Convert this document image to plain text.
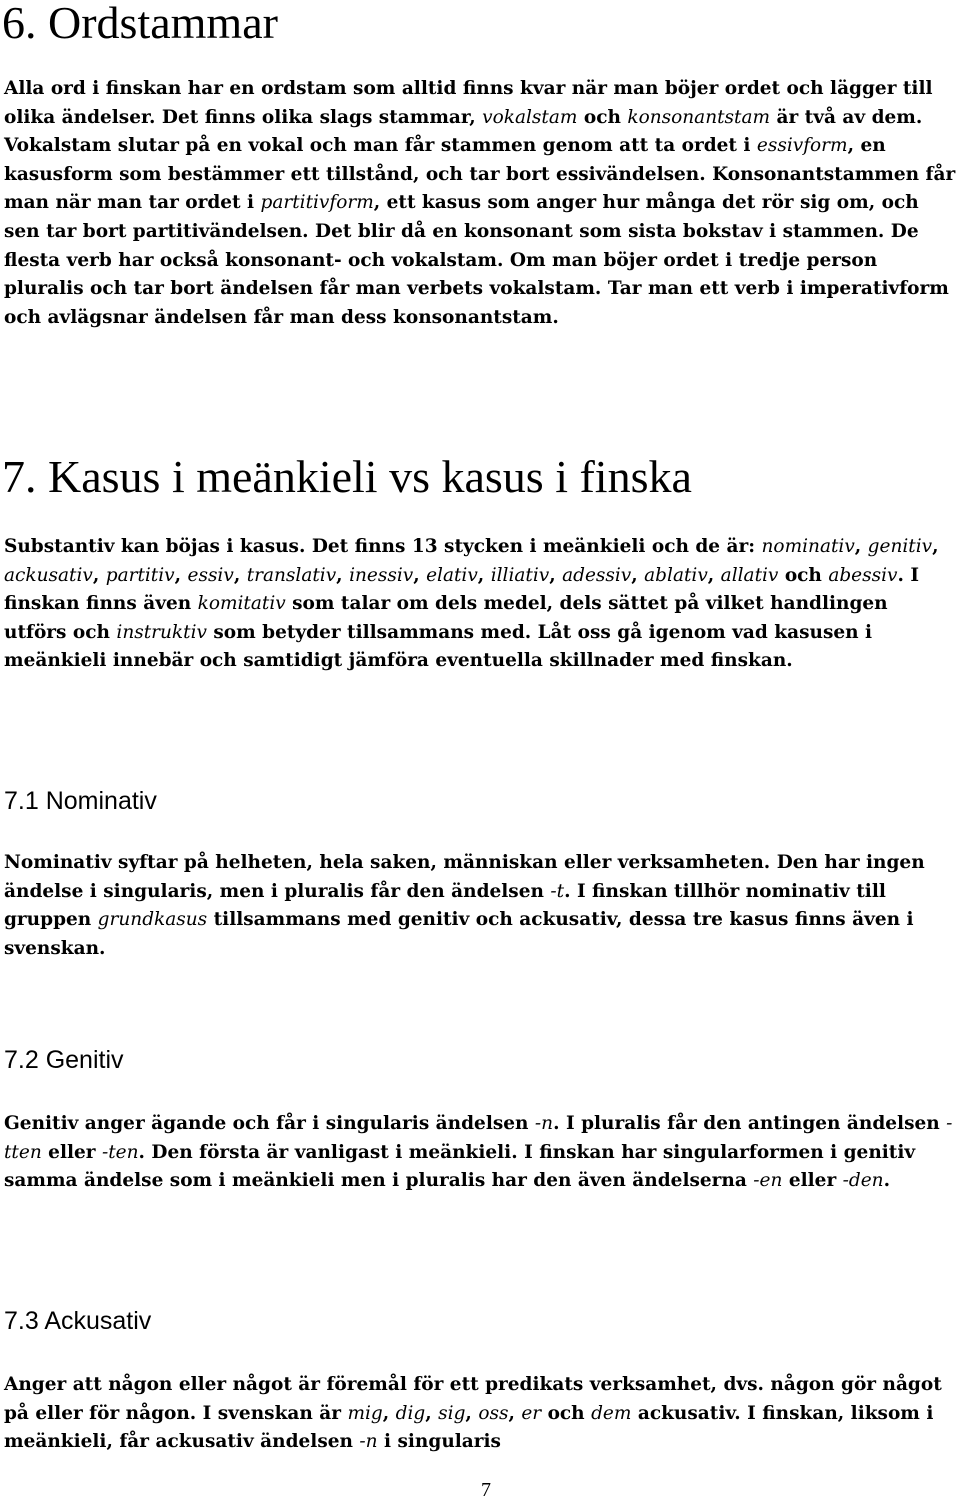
6. Ordstammar

Alla ord i finskan har en ordstam som alltid finns kvar när man böjer ordet och lägger till olika ändelser. Det finns olika slags stammar, vokalstam och konsonantstam är två av dem. Vokalstam slutar på en vokal och man får stammen genom att ta ordet i essivform, en kasusform som bestämmer ett tillstånd, och tar bort essivändelsen. Konsonantstammen får man när man tar ordet i partitivform, ett kasus som anger hur många det rör sig om, och sen tar bort partitivändelsen. Det blir då en konsonant som sista bokstav i stammen. De flesta verb har också konsonant- och vokalstam. Om man böjer ordet i tredje person pluralis och tar bort ändelsen får man verbets vokalstam. Tar man ett verb i imperativform och avlägsnar ändelsen får man dess konsonantstam.

7. Kasus i meänkieli vs kasus i finska

Substantiv kan böjas i kasus. Det finns 13 stycken i meänkieli och de är: nominativ, genitiv, ackusativ, partitiv, essiv, translativ, inessiv, elativ, illiativ, adessiv, ablativ, allativ och abessiv. I finskan finns även komitativ som talar om dels medel, dels sättet på vilket handlingen utförs och instruktiv som betyder tillsammans med. Låt oss gå igenom vad kasusen i meänkieli innebär och samtidigt jämföra eventuella skillnader med finskan.

7.1 Nominativ

Nominativ syftar på helheten, hela saken, människan eller verksamheten. Den har ingen ändelse i singularis, men i pluralis får den ändelsen -t. I finskan tillhör nominativ till gruppen grundkasus tillsammans med genitiv och ackusativ, dessa tre kasus finns även i svenskan.

7.2 Genitiv

Genitiv anger ägande och får i singularis ändelsen -n. I pluralis får den antingen ändelsen -tten eller -ten. Den första är vanligast i meänkieli. I finskan har singularformen i genitiv samma ändelse som i meänkieli men i pluralis har den även ändelserna -en eller -den.

7.3 Ackusativ

Anger att någon eller något är föremål för ett predikats verksamhet, dvs. någon gör något på eller för någon. I svenskan är mig, dig, sig, oss, er och dem ackusativ. I finskan, liksom i meänkieli, får ackusativ ändelsen -n i singularis

7
